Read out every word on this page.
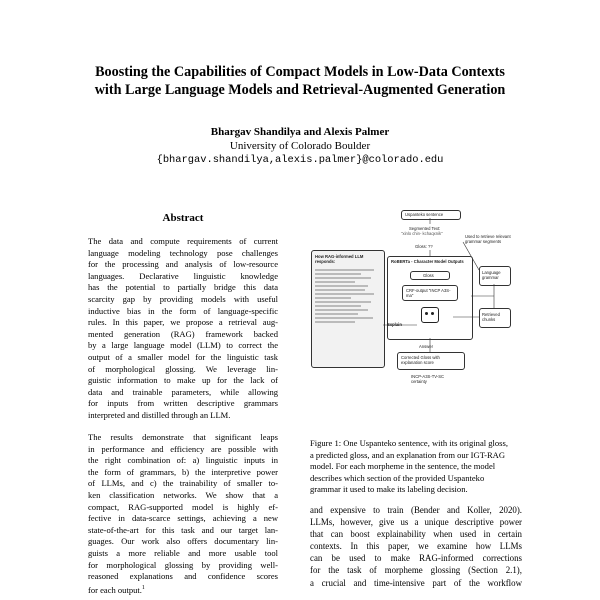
Boosting the Capabilities of Compact Models in Low-Data Contexts
with Large Language Models and Retrieval-Augmented Generation
Bhargav Shandilya and Alexis Palmer
University of Colorado Boulder
{bhargav.shandilya,alexis.palmer}@colorado.edu
Abstract
The data and compute requirements of current
language modeling technology pose challenges
for the processing and analysis of low-resource
languages. Declarative linguistic knowledge
has the potential to partially bridge this data
scarcity gap by providing models with useful
inductive bias in the form of language-specific
rules. In this paper, we propose a retrieval aug-
mented generation (RAG) framework backed
by a large language model (LLM) to correct the
output of a smaller model for the linguistic task
of morphological glossing. We leverage lin-
guistic information to make up for the lack of
data and trainable parameters, while allowing
for inputs from written descriptive grammars
interpreted and distilled through an LLM.
The results demonstrate that significant leaps
in performance and efficiency are possible with
the right combination of: a) linguistic inputs in
the form of grammars, b) the interpretive power
of LLMs, and c) the trainability of smaller to-
ken classification networks. We show that a
compact, RAG-supported model is highly ef-
fective in data-scarce settings, achieving a new
state-of-the-art for this task and our target lan-
guages. Our work also offers documentary lin-
guists a more reliable and more usable tool
for morphological glossing by providing well-
reasoned explanations and confidence scores
for each output.$^1$
Uspanteko sentence
Segmented Text:
"xinlo chin- kchaqxnik"
Gloss: ??
Used to retrieve relevant grammar segments
How RAG-informed LLM responds:	RoBERTa - Character Model Outputs
Gloss
CRF-output "INCP A3S-ma"
Explain
Language grammar
Retrieved chunks
Answer
Corrected Gloss with explanation score
INCP-A3S-TV-SC certainty
Figure 1: One Uspanteko sentence, with its original gloss, a predicted gloss, and an explanation from our IGT-RAG model. For each morpheme in the sentence, the model describes which section of the provided Uspanteko grammar it used to make its labeling decision.
and expensive to train (Bender and Koller, 2020).
LLMs, however, give us a unique descriptive power
that can boost explainability when used in certain
contexts. In this paper, we examine how LLMs
can be used to make RAG-informed corrections
for the task of morpheme glossing (Section 2.1),
a crucial and time-intensive part of the workflow
